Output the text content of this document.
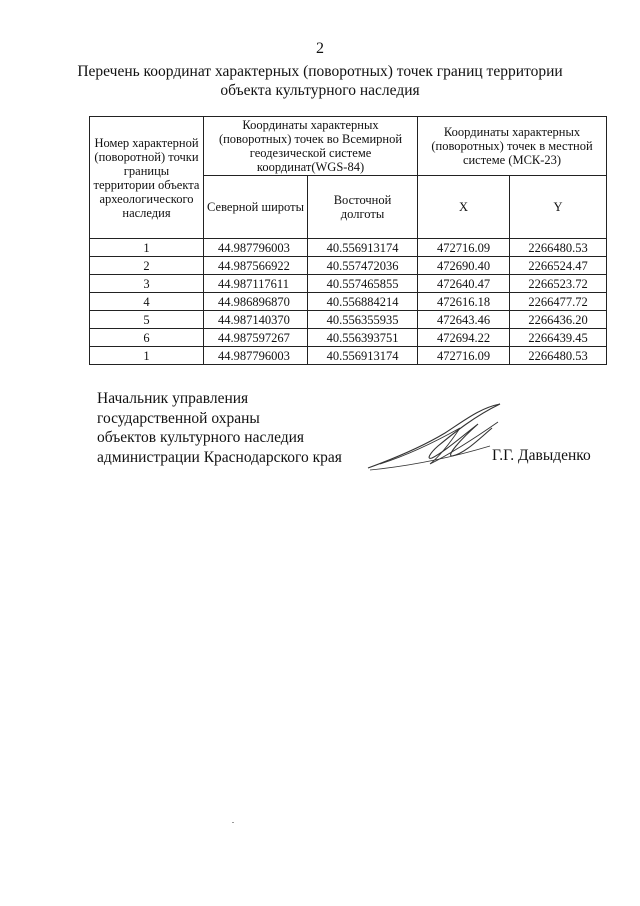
2
Перечень координат характерных (поворотных) точек границ территории объекта культурного наследия
Номер характерной (поворотной) точки границы территории объекта археологического наследия	Координаты характерных (поворотных) точек во Всемирной геодезической системе координат(WGS-84)		Координаты характерных (поворотных) точек в местной системе (МСК-23)	
	Северной широты	Восточной долготы	X	Y
1	44.987796003	40.556913174	472716.09	2266480.53
2	44.987566922	40.557472036	472690.40	2266524.47
3	44.987117611	40.557465855	472640.47	2266523.72
4	44.986896870	40.556884214	472616.18	2266477.72
5	44.987140370	40.556355935	472643.46	2266436.20
6	44.987597267	40.556393751	472694.22	2266439.45
1	44.987796003	40.556913174	472716.09	2266480.53
Начальник управления
государственной охраны
объектов культурного наследия
администрации Краснодарского края	Г.Г. Давыденко
